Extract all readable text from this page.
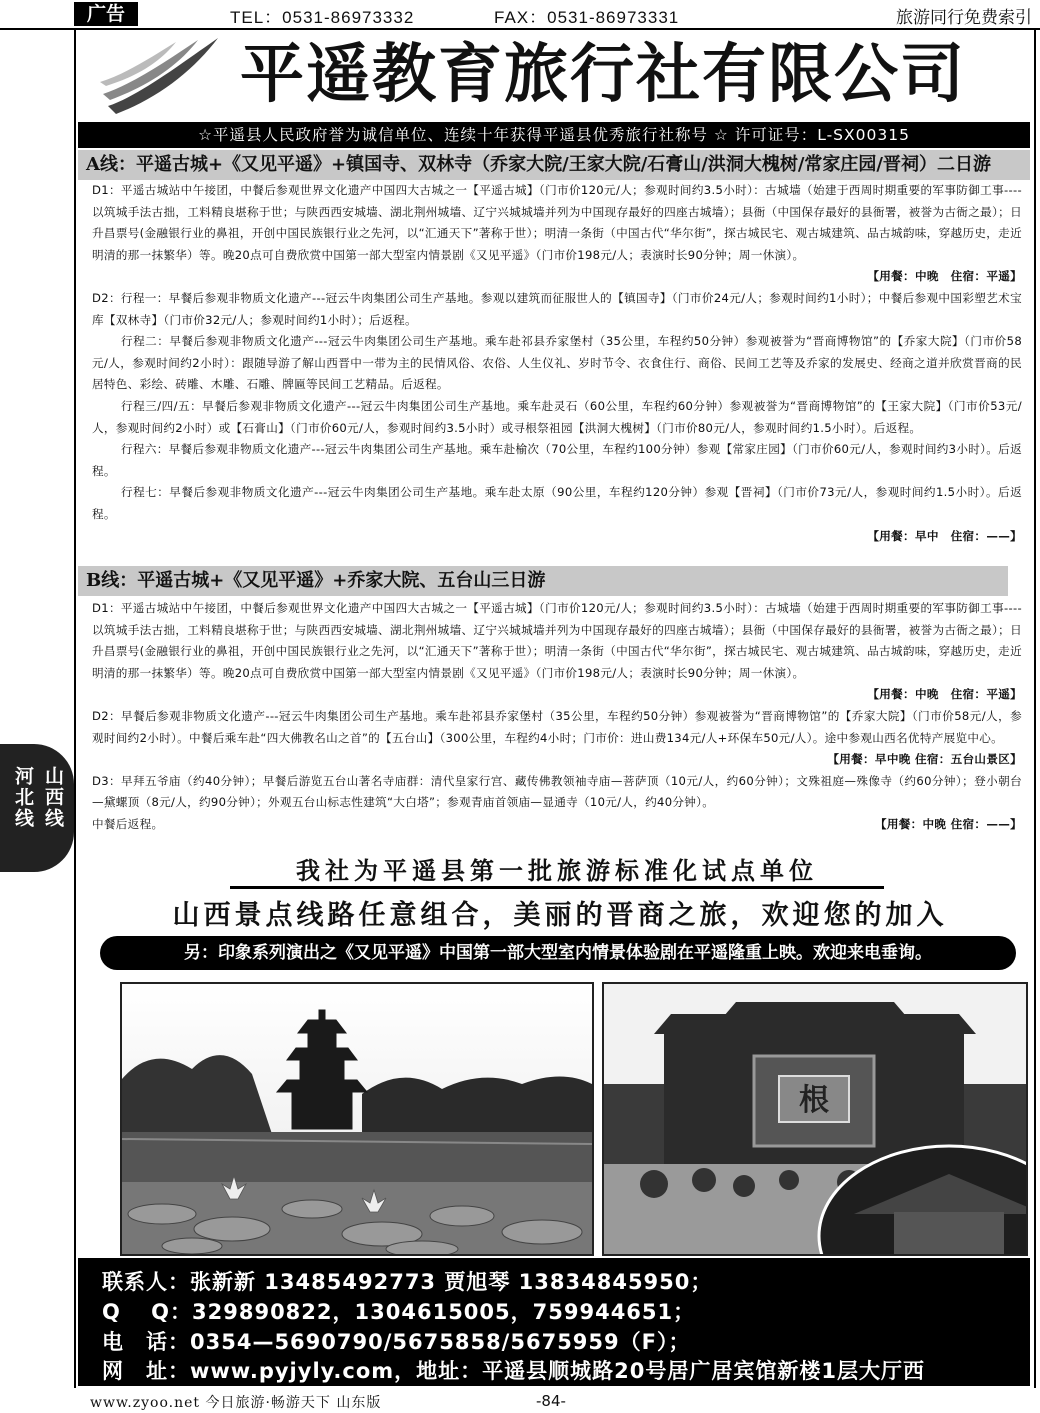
广告	TEL：0531-86973332	FAX：0531-86973331	旅游同行免费索引
平遥教育旅行社有限公司
☆平遥县人民政府誉为诚信单位、连续十年获得平遥县优秀旅行社称号 ☆ 许可证号：L-SX00315
A线：平遥古城+《又见平遥》+镇国寺、双林寺（乔家大院/王家大院/石膏山/洪洞大槐树/常家庄园/晋祠）二日游
D1：平遥古城站中午接团，中餐后参观世界文化遗产中国四大古城之一【平遥古城】（门市价120元/人；参观时间约3.5小时）：古城墙（始建于西周时期重要的军事防御工事----以筑城手法古拙，工料精良堪称于世；与陕西西安城墙、湖北荆州城墙、辽宁兴城城墙并列为中国现存最好的四座古城墙）；县衙（中国保存最好的县衙署，被誉为古衙之最）；日升昌票号(金融银行业的鼻祖，开创中国民族银行业之先河，以“汇通天下”著称于世）；明清一条街（中国古代“华尔街”，探古城民宅、观古城建筑、品古城韵味，穿越历史，走近明清的那一抹繁华）等。晚20点可自费欣赏中国第一部大型室内情景剧《又见平遥》（门市价198元/人；表演时长90分钟；周一休演）。
【用餐：中晚　住宿：平遥】
D2：行程一：早餐后参观非物质文化遗产---冠云牛肉集团公司生产基地。参观以建筑而征服世人的【镇国寺】（门市价24元/人；参观时间约1小时）；中餐后参观中国彩塑艺术宝库【双林寺】（门市价32元/人；参观时间约1小时）；后返程。
行程二：早餐后参观非物质文化遗产---冠云牛肉集团公司生产基地。乘车赴祁县乔家堡村（35公里，车程约50分钟）参观被誉为“晋商博物馆”的【乔家大院】（门市价58元/人，参观时间约2小时）：跟随导游了解山西晋中一带为主的民情风俗、农俗、人生仪礼、岁时节令、衣食住行、商俗、民间工艺等及乔家的发展史、经商之道并欣赏晋商的民居特色、彩绘、砖雕、木雕、石雕、牌匾等民间工艺精品。后返程。
行程三/四/五：早餐后参观非物质文化遗产---冠云牛肉集团公司生产基地。乘车赴灵石（60公里，车程约60分钟）参观被誉为“晋商博物馆”的【王家大院】（门市价53元/人，参观时间约2小时）或【石膏山】（门市价60元/人，参观时间约3.5小时）或寻根祭祖园【洪洞大槐树】（门市价80元/人，参观时间约1.5小时）。后返程。
行程六：早餐后参观非物质文化遗产---冠云牛肉集团公司生产基地。乘车赴榆次（70公里，车程约100分钟）参观【常家庄园】（门市价60元/人，参观时间约3小时）。后返程。
行程七：早餐后参观非物质文化遗产---冠云牛肉集团公司生产基地。乘车赴太原（90公里，车程约120分钟）参观【晋祠】（门市价73元/人，参观时间约1.5小时）。后返程。
【用餐：早中　住宿：——】
B线：平遥古城+《又见平遥》+乔家大院、五台山三日游
D1：平遥古城站中午接团，中餐后参观世界文化遗产中国四大古城之一【平遥古城】（门市价120元/人；参观时间约3.5小时）：古城墙（始建于西周时期重要的军事防御工事----以筑城手法古拙，工料精良堪称于世；与陕西西安城墙、湖北荆州城墙、辽宁兴城城墙并列为中国现存最好的四座古城墙）；县衙（中国保存最好的县衙署，被誉为古衙之最）；日升昌票号(金融银行业的鼻祖，开创中国民族银行业之先河，以“汇通天下”著称于世）；明清一条街（中国古代“华尔街”，探古城民宅、观古城建筑、品古城韵味，穿越历史，走近明清的那一抹繁华）等。晚20点可自费欣赏中国第一部大型室内情景剧《又见平遥》（门市价198元/人；表演时长90分钟；周一休演）。
【用餐：中晚　住宿：平遥】
D2：早餐后参观非物质文化遗产---冠云牛肉集团公司生产基地。乘车赴祁县乔家堡村（35公里，车程约50分钟）参观被誉为“晋商博物馆”的【乔家大院】（门市价58元/人，参观时间约2小时）。中餐后乘车赴“四大佛教名山之首”的【五台山】（300公里，车程约4小时；门市价：进山费134元/人+环保车50元/人）。途中参观山西名优特产展览中心。
【用餐：早中晚 住宿：五台山景区】
D3：早拜五爷庙（约40分钟）；早餐后游览五台山著名寺庙群：清代皇家行宫、藏传佛教领袖寺庙—菩萨顶（10元/人，约60分钟）；文殊祖庭—殊像寺（约60分钟）；登小朝台—黛螺顶（8元/人，约90分钟）；外观五台山标志性建筑“大白塔”；参观青庙首领庙—显通寺（10元/人，约40分钟）。
中餐后返程。	【用餐：中晚 住宿：——】
河北线 山西线
我社为平遥县第一批旅游标准化试点单位
山西景点线路任意组合，美丽的晋商之旅，欢迎您的加入
另：印象系列演出之《又见平遥》中国第一部大型室内情景体验剧在平遥隆重上映。欢迎来电垂询。
根
联系人：张新新 13485492773 贾旭琴 13834845950；
Q　 Q：329890822，1304615005，759944651；
电　话：0354—5690790/5675858/5675959（F）；
网　址：www.pyjyly.com，地址：平遥县顺城路20号居广居宾馆新楼1层大厅西
www.zyoo.net 今日旅游·畅游天下 山东版	-84-
